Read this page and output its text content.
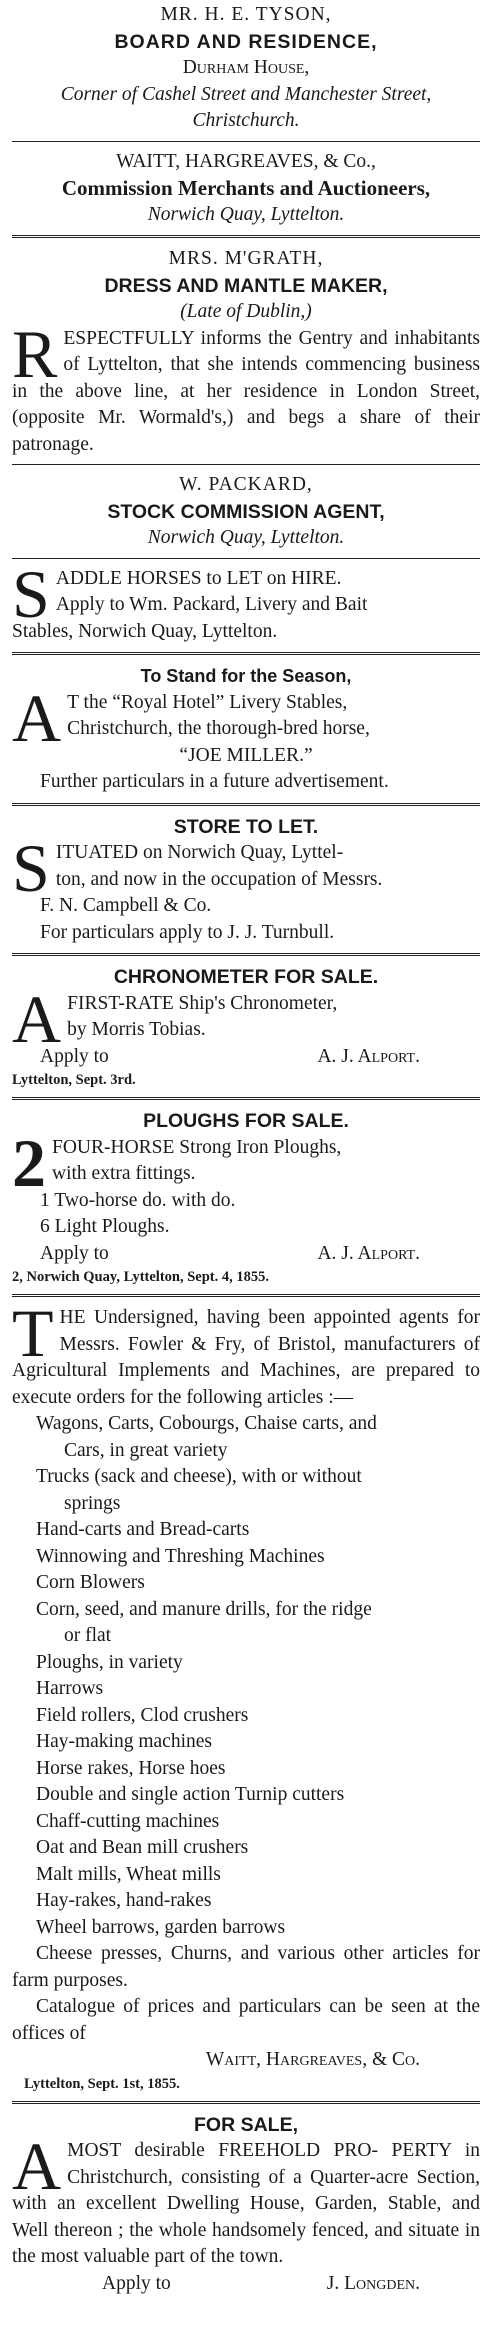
MR. H. E. TYSON,
BOARD AND RESIDENCE,
Durham House,
Corner of Cashel Street and Manchester Street,
Christchurch.
WAITT, HARGREAVES, & Co.,
Commission Merchants and Auctioneers,
Norwich Quay, Lyttelton.
MRS. M'GRATH,
DRESS AND MANTLE MAKER,
(Late of Dublin,)
R ESPECTFULLY informs the Gentry and inhabitants of Lyttelton, that she intends commencing business in the above line, at her residence in London Street, (opposite Mr. Wormald's,) and begs a share of their patronage.
W. PACKARD,
STOCK COMMISSION AGENT,
Norwich Quay, Lyttelton.
S ADDLE HORSES to LET on HIRE.
Apply to Wm. Packard, Livery and Bait
Stables, Norwich Quay, Lyttelton.
To Stand for the Season,
A T the “Royal Hotel” Livery Stables,
Christchurch, the thorough-bred horse,
“JOE MILLER.”
Further particulars in a future advertisement.
STORE TO LET.
S ITUATED on Norwich Quay, Lyttel-
ton, and now in the occupation of Messrs.
F. N. Campbell & Co.
For particulars apply to J. J. Turnbull.
CHRONOMETER FOR SALE.
A FIRST-RATE Ship's Chronometer,
by Morris Tobias.
Apply to	A. J. Alport.
Lyttelton, Sept. 3rd.
PLOUGHS FOR SALE.
2 FOUR-HORSE Strong Iron Ploughs,
with extra fittings.
1 Two-horse do. with do.
6 Light Ploughs.
Apply to	A. J. Alport.
2, Norwich Quay, Lyttelton, Sept. 4, 1855.
T HE Undersigned, having been appointed agents for Messrs. Fowler & Fry, of Bristol, manufacturers of Agricultural Implements and Machines, are prepared to execute orders for the following articles :—
Wagons, Carts, Cobourgs, Chaise carts, and
Cars, in great variety
Trucks (sack and cheese), with or without
springs
Hand-carts and Bread-carts
Winnowing and Threshing Machines
Corn Blowers
Corn, seed, and manure drills, for the ridge
or flat
Ploughs, in variety
Harrows
Field rollers, Clod crushers
Hay-making machines
Horse rakes, Horse hoes
Double and single action Turnip cutters
Chaff-cutting machines
Oat and Bean mill crushers
Malt mills, Wheat mills
Hay-rakes, hand-rakes
Wheel barrows, garden barrows
Cheese presses, Churns, and various other articles for farm purposes.
Catalogue of prices and particulars can be seen at the offices of
Waitt, Hargreaves, & Co.
Lyttelton, Sept. 1st, 1855.
FOR SALE,
A MOST desirable FREEHOLD PRO- PERTY in Christchurch, consisting of a Quarter-acre Section, with an excellent Dwelling House, Garden, Stable, and Well thereon ; the whole handsomely fenced, and situate in the most valuable part of the town.
Apply to	J. Longden.
